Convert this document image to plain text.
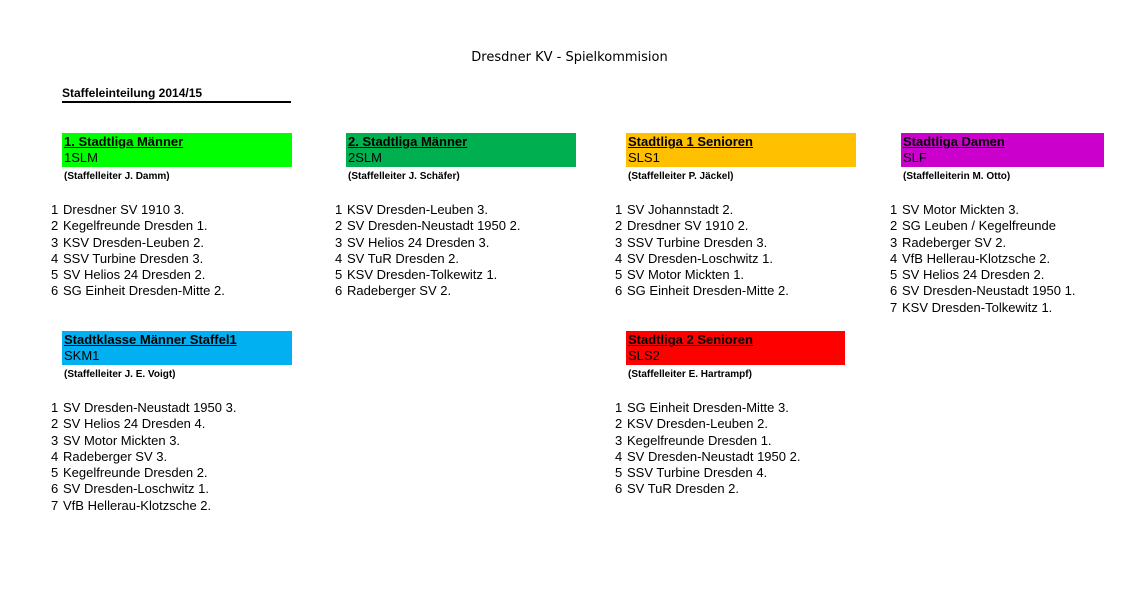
Dresdner KV - Spielkommision
Staffeleinteilung 2014/15
1. Stadtliga Männer
1SLM
(Staffelleiter J. Damm)
1 Dresdner SV 1910 3.
2 Kegelfreunde Dresden 1.
3 KSV Dresden-Leuben 2.
4 SSV Turbine Dresden 3.
5 SV Helios 24 Dresden 2.
6 SG Einheit Dresden-Mitte 2.
2. Stadtliga Männer
2SLM
(Staffelleiter J. Schäfer)
1 KSV Dresden-Leuben 3.
2 SV Dresden-Neustadt 1950 2.
3 SV Helios 24 Dresden 3.
4 SV TuR Dresden 2.
5 KSV Dresden-Tolkewitz 1.
6 Radeberger SV 2.
Stadtliga 1 Senioren
SLS1
(Staffelleiter P. Jäckel)
1 SV Johannstadt 2.
2 Dresdner SV 1910 2.
3 SSV Turbine Dresden 3.
4 SV Dresden-Loschwitz 1.
5 SV Motor Mickten 1.
6 SG Einheit Dresden-Mitte 2.
Stadtliga Damen
SLF
(Staffelleiterin M. Otto)
1 SV Motor Mickten 3.
2 SG Leuben / Kegelfreunde
3 Radeberger SV 2.
4 VfB Hellerau-Klotzsche 2.
5 SV Helios 24 Dresden 2.
6 SV Dresden-Neustadt 1950 1.
7 KSV Dresden-Tolkewitz 1.
Stadtklasse Männer Staffel1
SKM1
(Staffelleiter J. E. Voigt)
1 SV Dresden-Neustadt 1950 3.
2 SV Helios 24 Dresden 4.
3 SV Motor Mickten 3.
4 Radeberger SV 3.
5 Kegelfreunde Dresden 2.
6 SV Dresden-Loschwitz 1.
7 VfB Hellerau-Klotzsche 2.
Stadtliga 2 Senioren
SLS2
(Staffelleiter E. Hartrampf)
1 SG Einheit Dresden-Mitte 3.
2 KSV Dresden-Leuben 2.
3 Kegelfreunde Dresden 1.
4 SV Dresden-Neustadt 1950 2.
5 SSV Turbine Dresden 4.
6 SV TuR Dresden 2.
